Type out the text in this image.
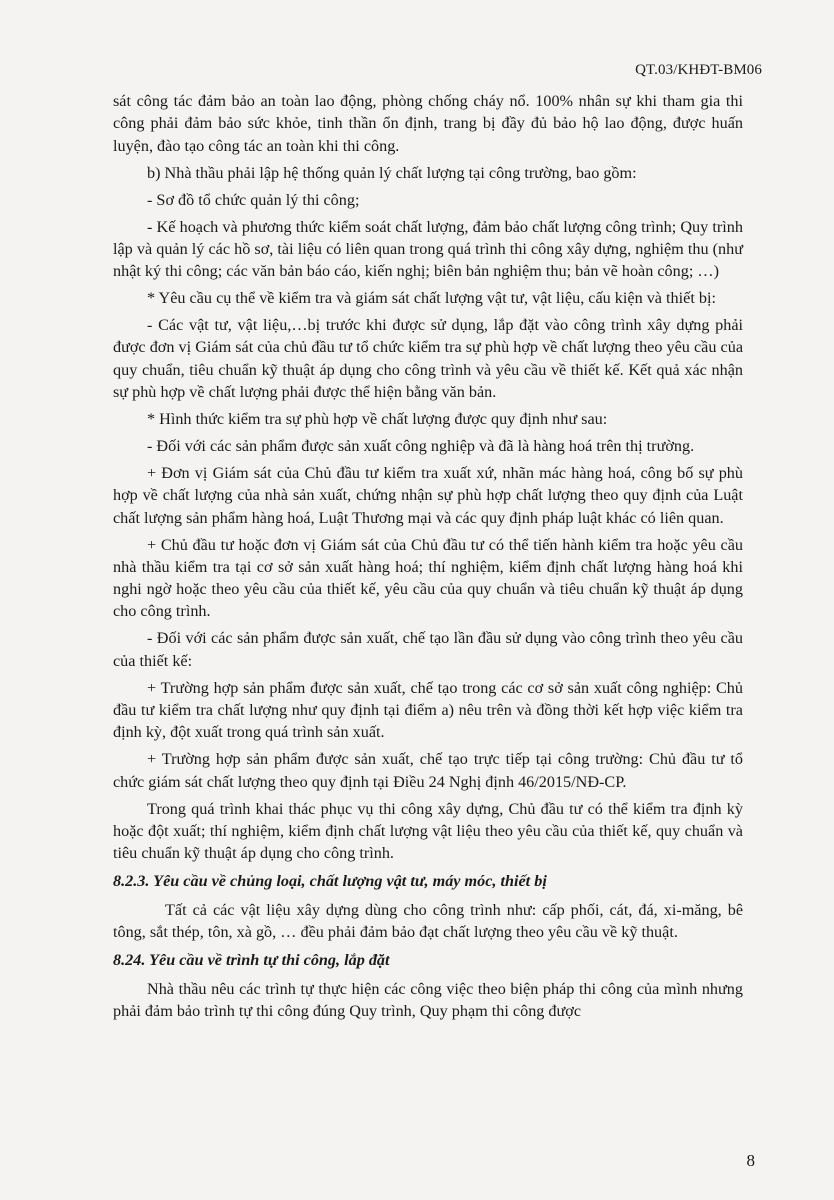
QT.03/KHĐT-BM06

sát công tác đảm bảo an toàn lao động, phòng chống cháy nổ. 100% nhân sự khi tham gia thi công phải đảm bảo sức khỏe, tinh thần ổn định, trang bị đầy đủ bảo hộ lao động, được huấn luyện, đào tạo công tác an toàn khi thi công.

b) Nhà thầu phải lập hệ thống quản lý chất lượng tại công trường, bao gồm:

- Sơ đồ tổ chức quản lý thi công;

- Kế hoạch và phương thức kiểm soát chất lượng, đảm bảo chất lượng công trình; Quy trình lập và quản lý các hồ sơ, tài liệu có liên quan trong quá trình thi công xây dựng, nghiệm thu (như nhật ký thi công; các văn bản báo cáo, kiến nghị; biên bản nghiệm thu; bản vẽ hoàn công; …)

* Yêu cầu cụ thể về kiểm tra và giám sát chất lượng vật tư, vật liệu, cấu kiện và thiết bị:

- Các vật tư, vật liệu,…bị trước khi được sử dụng, lắp đặt vào công trình xây dựng phải được đơn vị Giám sát của chủ đầu tư tổ chức kiểm tra sự phù hợp về chất lượng theo yêu cầu của quy chuẩn, tiêu chuẩn kỹ thuật áp dụng cho công trình và yêu cầu về thiết kế. Kết quả xác nhận sự phù hợp về chất lượng phải được thể hiện bằng văn bản.

* Hình thức kiểm tra sự phù hợp về chất lượng được quy định như sau:

- Đối với các sản phẩm được sản xuất công nghiệp và đã là hàng hoá trên thị trường.

+ Đơn vị Giám sát của Chủ đầu tư kiểm tra xuất xứ, nhãn mác hàng hoá, công bố sự phù hợp về chất lượng của nhà sản xuất, chứng nhận sự phù hợp chất lượng theo quy định của Luật chất lượng sản phẩm hàng hoá, Luật Thương mại và các quy định pháp luật khác có liên quan.

+ Chủ đầu tư hoặc đơn vị Giám sát của Chủ đầu tư có thể tiến hành kiểm tra hoặc yêu cầu nhà thầu kiểm tra tại cơ sở sản xuất hàng hoá; thí nghiệm, kiểm định chất lượng hàng hoá khi nghi ngờ hoặc theo yêu cầu của thiết kế, yêu cầu của quy chuẩn và tiêu chuẩn kỹ thuật áp dụng cho công trình.

- Đối với các sản phẩm được sản xuất, chế tạo lần đầu sử dụng vào công trình theo yêu cầu của thiết kế:

+ Trường hợp sản phẩm được sản xuất, chế tạo trong các cơ sở sản xuất công nghiệp: Chủ đầu tư kiểm tra chất lượng như quy định tại điểm a) nêu trên và đồng thời kết hợp việc kiểm tra định kỳ, đột xuất trong quá trình sản xuất.

+ Trường hợp sản phẩm được sản xuất, chế tạo trực tiếp tại công trường: Chủ đầu tư tổ chức giám sát chất lượng theo quy định tại Điều 24 Nghị định 46/2015/NĐ-CP.

Trong quá trình khai thác phục vụ thi công xây dựng, Chủ đầu tư có thể kiểm tra định kỳ hoặc đột xuất; thí nghiệm, kiểm định chất lượng vật liệu theo yêu cầu của thiết kế, quy chuẩn và tiêu chuẩn kỹ thuật áp dụng cho công trình.

8.2.3. Yêu cầu về chủng loại, chất lượng vật tư, máy móc, thiết bị

Tất cả các vật liệu xây dựng dùng cho công trình như: cấp phối, cát, đá, xi-măng, bê tông, sắt thép, tôn, xà gồ, … đều phải đảm bảo đạt chất lượng theo yêu cầu về kỹ thuật.

8.24. Yêu cầu về trình tự thi công, lắp đặt

Nhà thầu nêu các trình tự thực hiện các công việc theo biện pháp thi công của mình nhưng phải đảm bảo trình tự thi công đúng Quy trình, Quy phạm thi công được

8
